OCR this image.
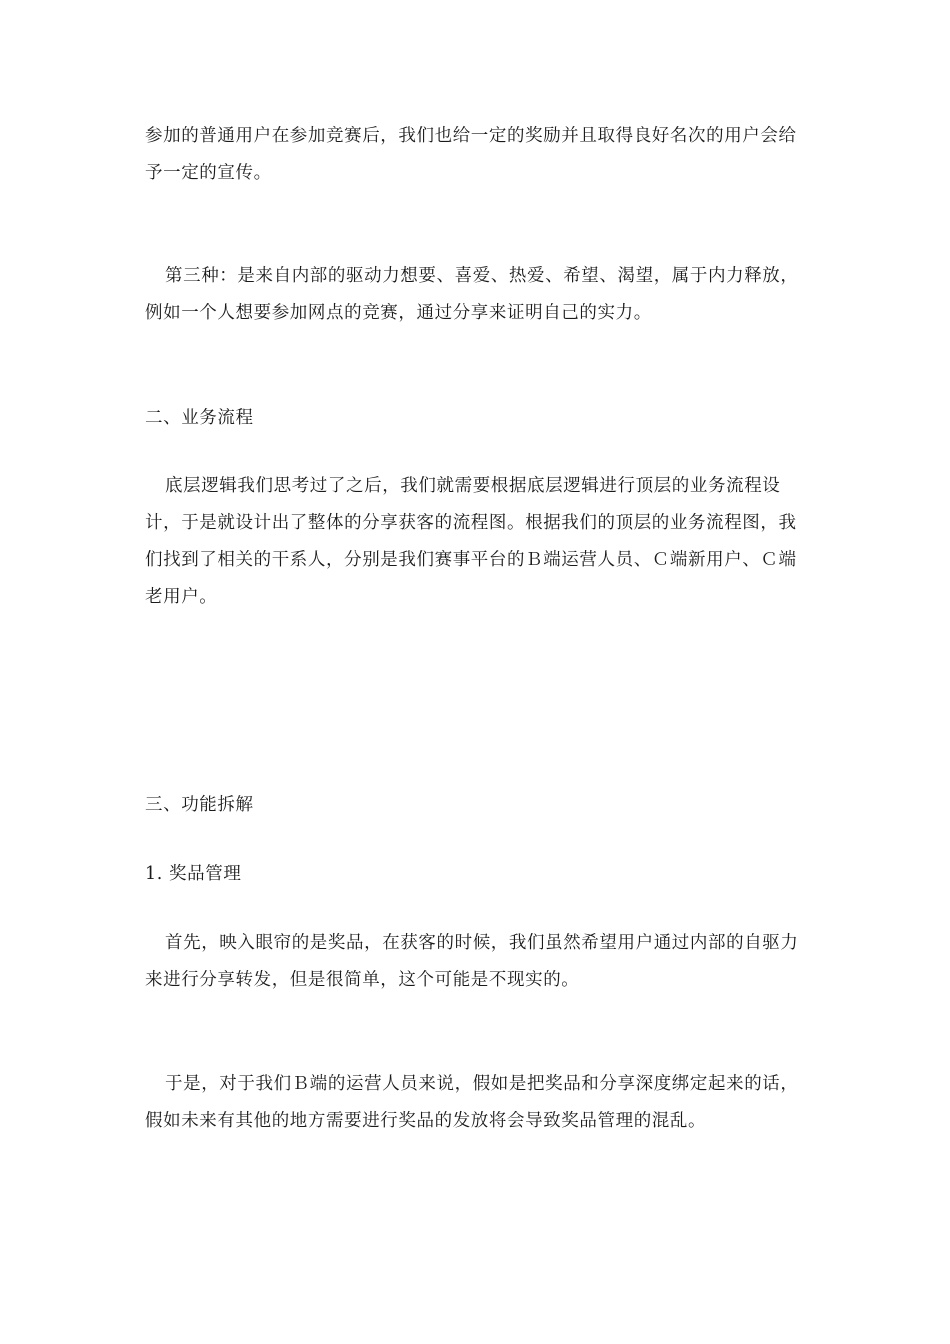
参加的普通用户在参加竞赛后，我们也给一定的奖励并且取得良好名次的用户会给予一定的宣传。

第三种：是来自内部的驱动力想要、喜爱、热爱、希望、渴望，属于内力释放，例如一个人想要参加网点的竞赛，通过分享来证明自己的实力。

二、业务流程

底层逻辑我们思考过了之后，我们就需要根据底层逻辑进行顶层的业务流程设计，于是就设计出了整体的分享获客的流程图。根据我们的顶层的业务流程图，我们找到了相关的干系人，分别是我们赛事平台的Ｂ端运营人员、Ｃ端新用户、Ｃ端老用户。

三、功能拆解

1. 奖品管理

首先，映入眼帘的是奖品，在获客的时候，我们虽然希望用户通过内部的自驱力来进行分享转发，但是很简单，这个可能是不现实的。

于是，对于我们Ｂ端的运营人员来说，假如是把奖品和分享深度绑定起来的话，假如未来有其他的地方需要进行奖品的发放将会导致奖品管理的混乱。
